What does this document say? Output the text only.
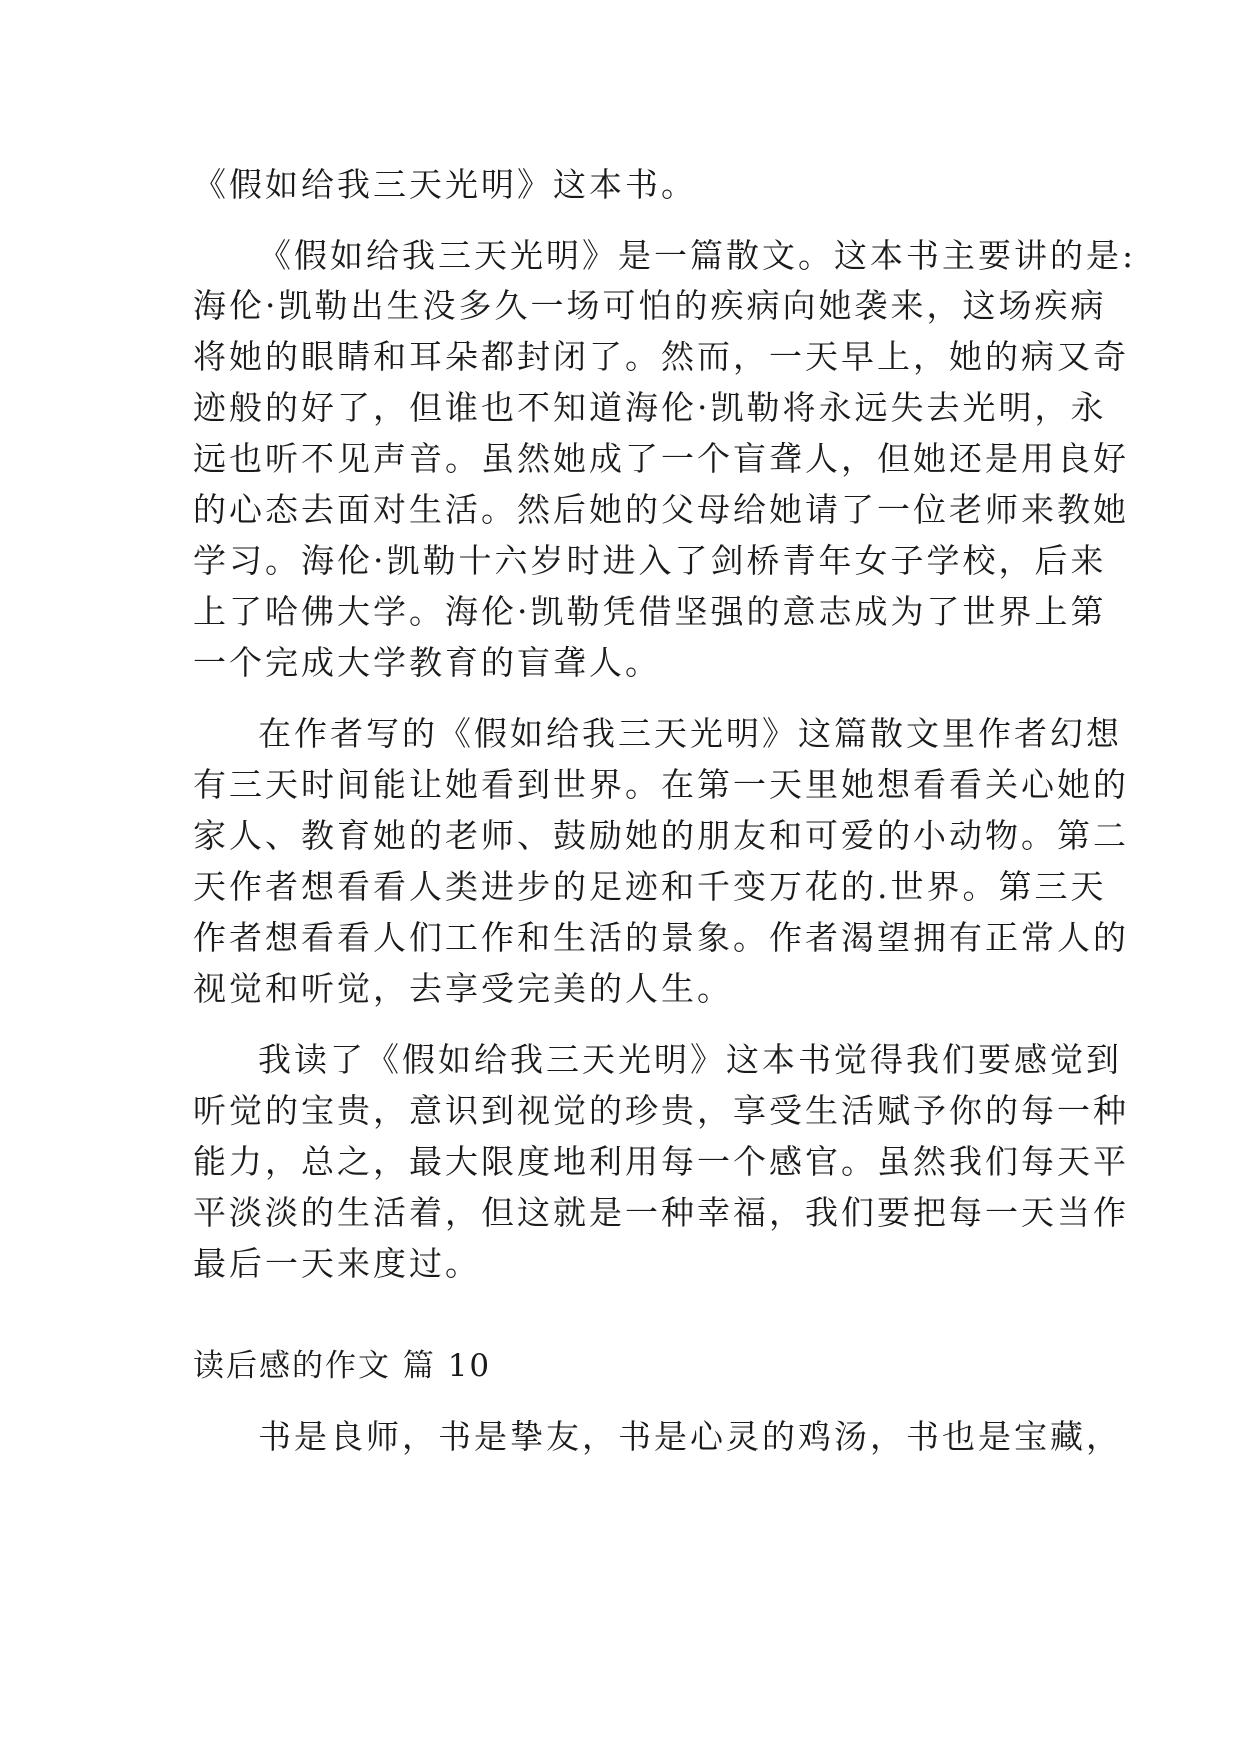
《假如给我三天光明》这本书。
《假如给我三天光明》是一篇散文。这本书主要讲的是:
海伦·凯勒出生没多久一场可怕的疾病向她袭来，这场疾病
将她的眼睛和耳朵都封闭了。然而，一天早上，她的病又奇
迹般的好了，但谁也不知道海伦·凯勒将永远失去光明，永
远也听不见声音。虽然她成了一个盲聋人，但她还是用良好
的心态去面对生活。然后她的父母给她请了一位老师来教她
学习。海伦·凯勒十六岁时进入了剑桥青年女子学校，后来
上了哈佛大学。海伦·凯勒凭借坚强的意志成为了世界上第
一个完成大学教育的盲聋人。
在作者写的《假如给我三天光明》这篇散文里作者幻想
有三天时间能让她看到世界。在第一天里她想看看关心她的
家人、教育她的老师、鼓励她的朋友和可爱的小动物。第二
天作者想看看人类进步的足迹和千变万花的.世界。第三天
作者想看看人们工作和生活的景象。作者渴望拥有正常人的
视觉和听觉，去享受完美的人生。
我读了《假如给我三天光明》这本书觉得我们要感觉到
听觉的宝贵，意识到视觉的珍贵，享受生活赋予你的每一种
能力，总之，最大限度地利用每一个感官。虽然我们每天平
平淡淡的生活着，但这就是一种幸福，我们要把每一天当作
最后一天来度过。
读后感的作文 篇 10
书是良师，书是挚友，书是心灵的鸡汤，书也是宝藏，
